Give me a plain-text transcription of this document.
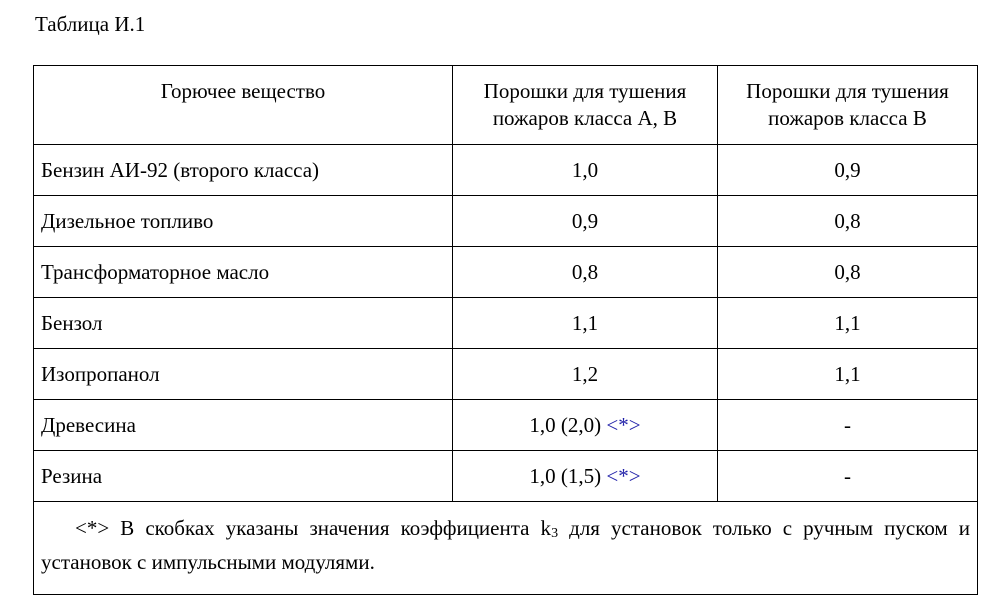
Таблица И.1
Горючее вещество	Порошки для тушения пожаров класса А, В	Порошки для тушения пожаров класса В

Бензин АИ-92 (второго класса)	1,0	0,9
Дизельное топливо	0,9	0,8
Трансформаторное масло	0,8	0,8
Бензол	1,1	1,1
Изопропанол	1,2	1,1
Древесина	1,0 (2,0) <*>	-
Резина	1,0 (1,5) <*>	-
<*> В скобках указаны значения коэффициента $k_3$ для установок только с ручным пуском и установок с импульсными модулями.		
